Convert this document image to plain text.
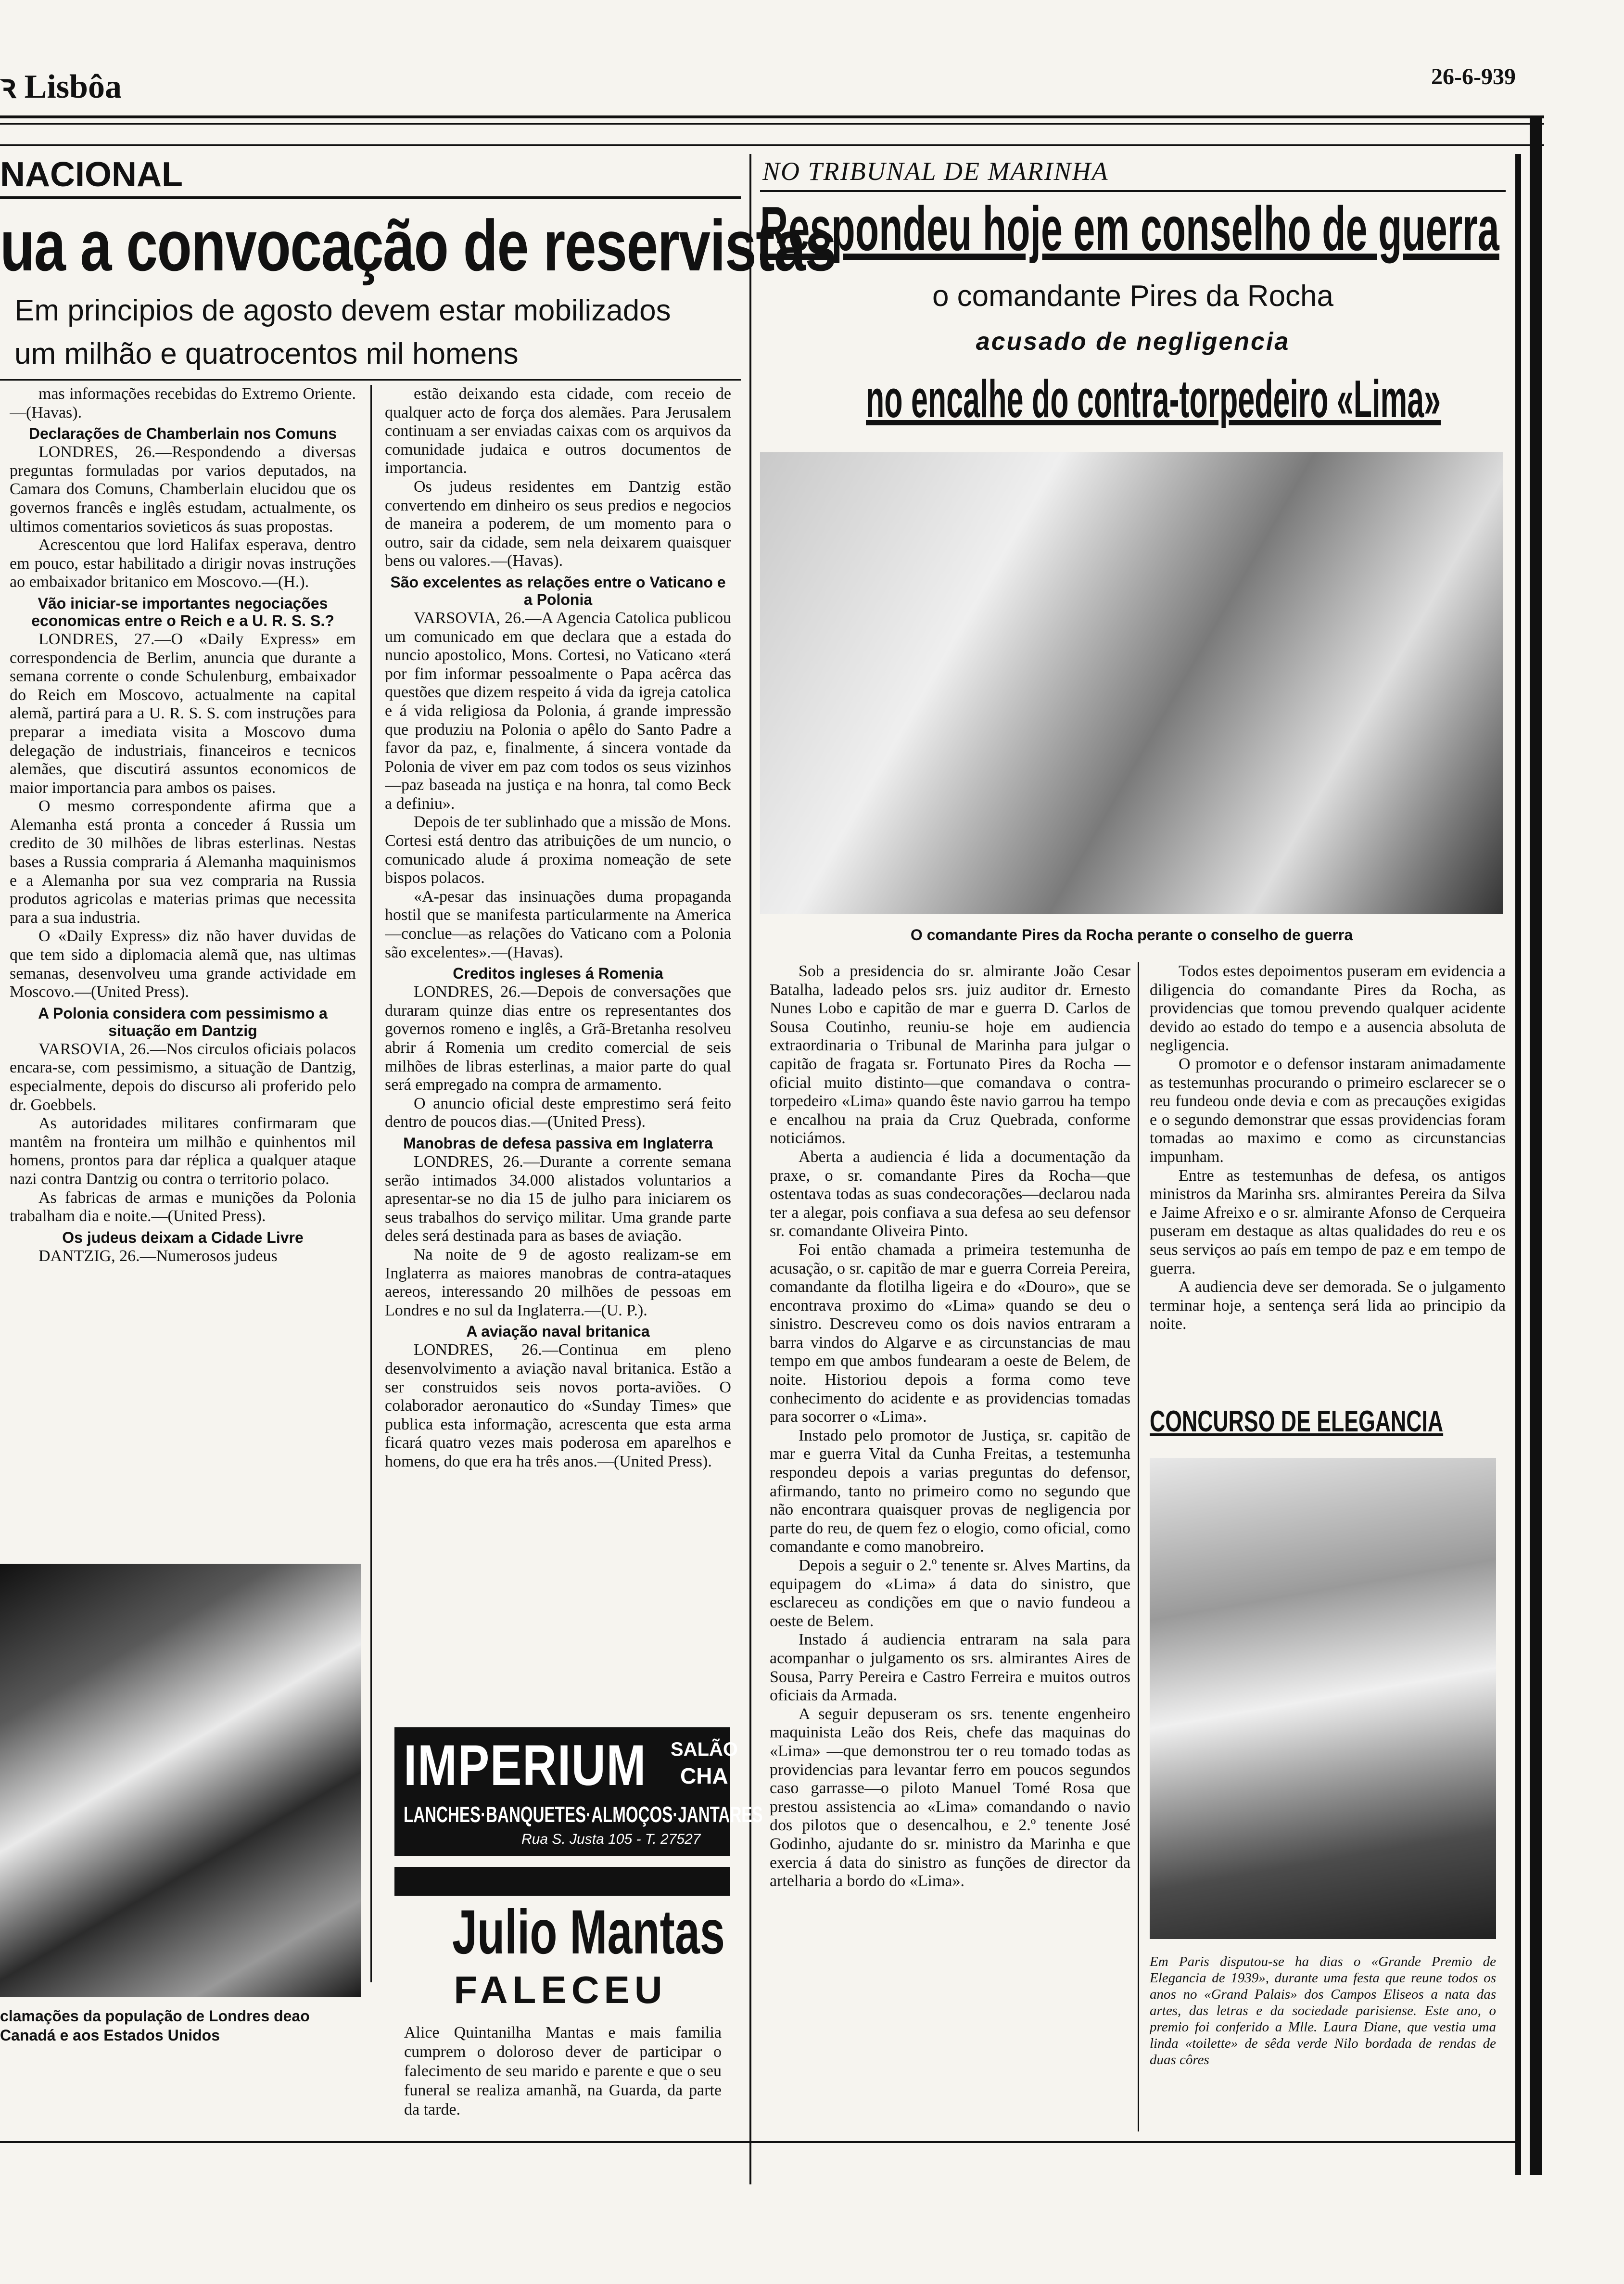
ꝛ Lisbôa	26-6-939
NACIONAL
ua a convocação de reservistas
Em principios de agosto devem estar mobilizados
um milhão e quatrocentos mil homens

mas informações recebidas do Extremo Oriente.—(Havas).

Declarações de Chamberlain nos Comuns

LONDRES, 26.—Respondendo a diversas preguntas formuladas por varios deputados, na Camara dos Comuns, Chamberlain elucidou que os governos francês e inglês estudam, actualmente, os ultimos comentarios sovieticos ás suas propostas.

Acrescentou que lord Halifax esperava, dentro em pouco, estar habilitado a dirigir novas instruções ao embaixador britanico em Moscovo.—(H.).

Vão iniciar-se importantes negociações economicas entre o Reich e a U. R. S. S.?

LONDRES, 27.—O «Daily Express» em correspondencia de Berlim, anuncia que durante a semana corrente o conde Schulenburg, embaixador do Reich em Moscovo, actualmente na capital alemã, partirá para a U. R. S. S. com instruções para preparar a imediata visita a Moscovo duma delegação de industriais, financeiros e tecnicos alemães, que discutirá assuntos economicos de maior importancia para ambos os paises.

O mesmo correspondente afirma que a Alemanha está pronta a conceder á Russia um credito de 30 milhões de libras esterlinas. Nestas bases a Russia compraria á Alemanha maquinismos e a Alemanha por sua vez compraria na Russia produtos agricolas e materias primas que necessita para a sua industria.

O «Daily Express» diz não haver duvidas de que tem sido a diplomacia alemã que, nas ultimas semanas, desenvolveu uma grande actividade em Moscovo.—(United Press).

A Polonia considera com pessimismo a situação em Dantzig

VARSOVIA, 26.—Nos circulos oficiais polacos encara-se, com pessimismo, a situação de Dantzig, especialmente, depois do discurso ali proferido pelo dr. Goebbels.

As autoridades militares confirmaram que mantêm na fronteira um milhão e quinhentos mil homens, prontos para dar réplica a qualquer ataque nazi contra Dantzig ou contra o territorio polaco.

As fabricas de armas e munições da Polonia trabalham dia e noite.—(United Press).

Os judeus deixam a Cidade Livre

DANTZIG, 26.—Numerosos judeus

estão deixando esta cidade, com receio de qualquer acto de força dos alemães. Para Jerusalem continuam a ser enviadas caixas com os arquivos da comunidade judaica e outros documentos de importancia.

Os judeus residentes em Dantzig estão convertendo em dinheiro os seus predios e negocios de maneira a poderem, de um momento para o outro, sair da cidade, sem nela deixarem quaisquer bens ou valores.—(Havas).

São excelentes as relações entre o Vaticano e a Polonia

VARSOVIA, 26.—A Agencia Catolica publicou um comunicado em que declara que a estada do nuncio apostolico, Mons. Cortesi, no Vaticano «terá por fim informar pessoalmente o Papa acêrca das questões que dizem respeito á vida da igreja catolica e á vida religiosa da Polonia, á grande impressão que produziu na Polonia o apêlo do Santo Padre a favor da paz, e, finalmente, á sincera vontade da Polonia de viver em paz com todos os seus vizinhos—paz baseada na justiça e na honra, tal como Beck a definiu».

Depois de ter sublinhado que a missão de Mons. Cortesi está dentro das atribuições de um nuncio, o comunicado alude á proxima nomeação de sete bispos polacos.

«A-pesar das insinuações duma propaganda hostil que se manifesta particularmente na America—conclue—as relações do Vaticano com a Polonia são excelentes».—(Havas).

Creditos ingleses á Romenia

LONDRES, 26.—Depois de conversações que duraram quinze dias entre os representantes dos governos romeno e inglês, a Grã-Bretanha resolveu abrir á Romenia um credito comercial de seis milhões de libras esterlinas, a maior parte do qual será empregado na compra de armamento.

O anuncio oficial deste emprestimo será feito dentro de poucos dias.—(United Press).

Manobras de defesa passiva em Inglaterra

LONDRES, 26.—Durante a corrente semana serão intimados 34.000 alistados voluntarios a apresentar-se no dia 15 de julho para iniciarem os seus trabalhos do serviço militar. Uma grande parte deles será destinada para as bases de aviação.

Na noite de 9 de agosto realizam-se em Inglaterra as maiores manobras de contra-ataques aereos, interessando 20 milhões de pessoas em Londres e no sul da Inglaterra.—(U. P.).

A aviação naval britanica

LONDRES, 26.—Continua em pleno desenvolvimento a aviação naval britanica. Estão a ser construidos seis novos porta-aviões. O colaborador aeronautico do «Sunday Times» que publica esta informação, acrescenta que esta arma ficará quatro vezes mais poderosa em aparelhos e homens, do que era ha três anos.—(United Press).

clamações da população de Londres deao Canadá e aos Estados Unidos
IMPERIUM SALÃO
CHA
LANCHES·BANQUETES·ALMOÇOS·JANTARES
Rua S. Justa 105 - T. 27527
Julio Mantas
FALECEU
Alice Quintanilha Mantas e mais familia cumprem o doloroso dever de participar o falecimento de seu marido e parente e que o seu funeral se realiza amanhã, na Guarda, da parte da tarde.
NO TRIBUNAL DE MARINHA
Respondeu hoje em conselho de guerra
o comandante Pires da Rocha
acusado de negligencia
no encalhe do contra-torpedeiro «Lima»
O comandante Pires da Rocha perante o conselho de guerra

Sob a presidencia do sr. almirante João Cesar Batalha, ladeado pelos srs. juiz auditor dr. Ernesto Nunes Lobo e capitão de mar e guerra D. Carlos de Sousa Coutinho, reuniu-se hoje em audiencia extraordinaria o Tribunal de Marinha para julgar o capitão de fragata sr. Fortunato Pires da Rocha —oficial muito distinto—que comandava o contra-torpedeiro «Lima» quando êste navio garrou ha tempo e encalhou na praia da Cruz Quebrada, conforme noticiámos.

Aberta a audiencia é lida a documentação da praxe, o sr. comandante Pires da Rocha—que ostentava todas as suas condecorações—declarou nada ter a alegar, pois confiava a sua defesa ao seu defensor sr. comandante Oliveira Pinto.

Foi então chamada a primeira testemunha de acusação, o sr. capitão de mar e guerra Correia Pereira, comandante da flotilha ligeira e do «Douro», que se encontrava proximo do «Lima» quando se deu o sinistro. Descreveu como os dois navios entraram a barra vindos do Algarve e as circunstancias de mau tempo em que ambos fundearam a oeste de Belem, de noite. Historiou depois a forma como teve conhecimento do acidente e as providencias tomadas para socorrer o «Lima».

Instado pelo promotor de Justiça, sr. capitão de mar e guerra Vital da Cunha Freitas, a testemunha respondeu depois a varias preguntas do defensor, afirmando, tanto no primeiro como no segundo que não encontrara quaisquer provas de negligencia por parte do reu, de quem fez o elogio, como oficial, como comandante e como manobreiro.

Depois a seguir o 2.º tenente sr. Alves Martins, da equipagem do «Lima» á data do sinistro, que esclareceu as condições em que o navio fundeou a oeste de Belem.

Instado á audiencia entraram na sala para acompanhar o julgamento os srs. almirantes Aires de Sousa, Parry Pereira e Castro Ferreira e muitos outros oficiais da Armada.

A seguir depuseram os srs. tenente engenheiro maquinista Leão dos Reis, chefe das maquinas do «Lima» —que demonstrou ter o reu tomado todas as providencias para levantar ferro em poucos segundos caso garrasse—o piloto Manuel Tomé Rosa que prestou assistencia ao «Lima» comandando o navio dos pilotos que o desencalhou, e 2.º tenente José Godinho, ajudante do sr. ministro da Marinha e que exercia á data do sinistro as funções de director da artelharia a bordo do «Lima».

Todos estes depoimentos puseram em evidencia a diligencia do comandante Pires da Rocha, as providencias que tomou prevendo qualquer acidente devido ao estado do tempo e a ausencia absoluta de negligencia.

O promotor e o defensor instaram animadamente as testemunhas procurando o primeiro esclarecer se o reu fundeou onde devia e com as precauções exigidas e o segundo demonstrar que essas providencias foram tomadas ao maximo e como as circunstancias impunham.

Entre as testemunhas de defesa, os antigos ministros da Marinha srs. almirantes Pereira da Silva e Jaime Afreixo e o sr. almirante Afonso de Cerqueira puseram em destaque as altas qualidades do reu e os seus serviços ao país em tempo de paz e em tempo de guerra.

A audiencia deve ser demorada. Se o julgamento terminar hoje, a sentença será lida ao principio da noite.

CONCURSO DE ELEGANCIA
Em Paris disputou-se ha dias o «Grande Premio de Elegancia de 1939», durante uma festa que reune todos os anos no «Grand Palais» dos Campos Eliseos a nata das artes, das letras e da sociedade parisiense. Este ano, o premio foi conferido a Mlle. Laura Diane, que vestia uma linda «toilette» de sêda verde Nilo bordada de rendas de duas côres
